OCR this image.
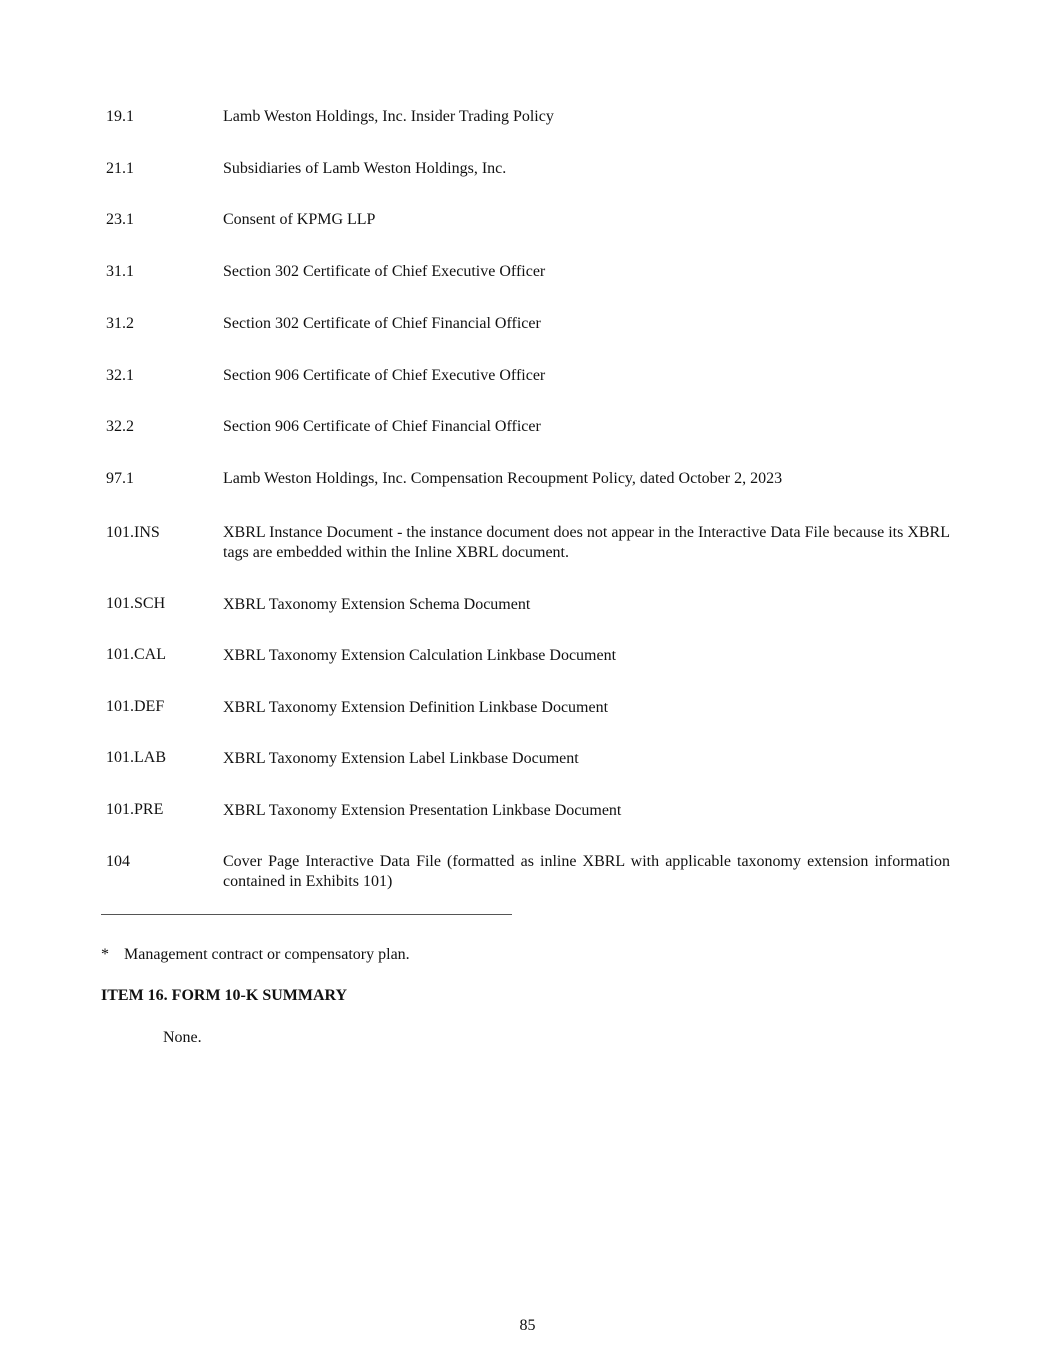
19.1	Lamb Weston Holdings, Inc. Insider Trading Policy
21.1	Subsidiaries of Lamb Weston Holdings, Inc.
23.1	Consent of KPMG LLP
31.1	Section 302 Certificate of Chief Executive Officer
31.2	Section 302 Certificate of Chief Financial Officer
32.1	Section 906 Certificate of Chief Executive Officer
32.2	Section 906 Certificate of Chief Financial Officer
97.1	Lamb Weston Holdings, Inc. Compensation Recoupment Policy, dated October 2, 2023
101.INS	XBRL Instance Document - the instance document does not appear in the Interactive Data File because its XBRL tags are embedded within the Inline XBRL document.
101.SCH	XBRL Taxonomy Extension Schema Document
101.CAL	XBRL Taxonomy Extension Calculation Linkbase Document
101.DEF	XBRL Taxonomy Extension Definition Linkbase Document
101.LAB	XBRL Taxonomy Extension Label Linkbase Document
101.PRE	XBRL Taxonomy Extension Presentation Linkbase Document
104	Cover Page Interactive Data File (formatted as inline XBRL with applicable taxonomy extension information contained in Exhibits 101)
* Management contract or compensatory plan.
ITEM 16. FORM 10-K SUMMARY
None.
85
